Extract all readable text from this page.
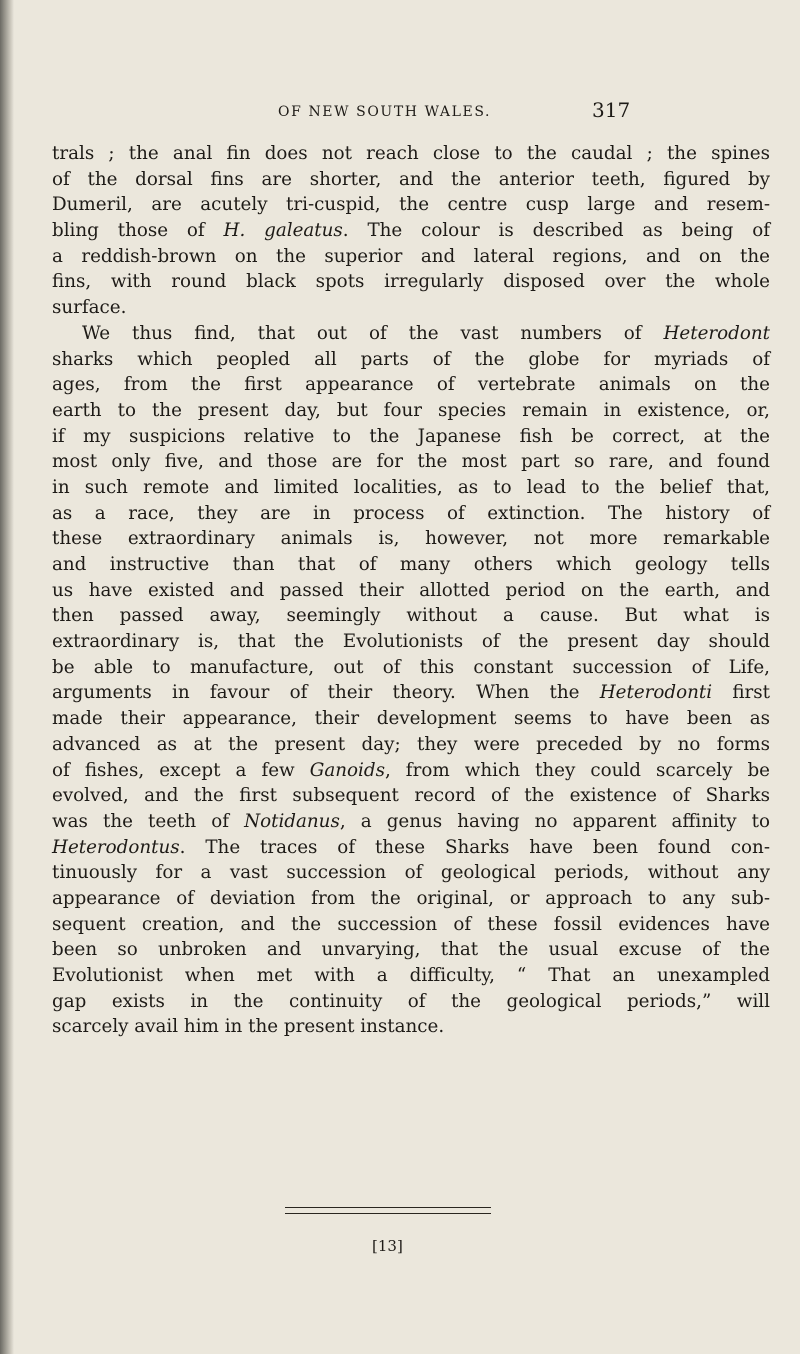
OF NEW SOUTH WALES.	317
trals ; the anal fin does not reach close to the caudal ; the spines
of the dorsal fins are shorter, and the anterior teeth, figured by
Dumeril, are acutely tri-cuspid, the centre cusp large and resem-
bling those of H. galeatus. The colour is described as being of
a reddish-brown on the superior and lateral regions, and on the
fins, with round black spots irregularly disposed over the whole
surface.
We thus find, that out of the vast numbers of Heterodont
sharks which peopled all parts of the globe for myriads of
ages, from the first appearance of vertebrate animals on the
earth to the present day, but four species remain in existence, or,
if my suspicions relative to the Japanese fish be correct, at the
most only five, and those are for the most part so rare, and found
in such remote and limited localities, as to lead to the belief that,
as a race, they are in process of extinction. The history of
these extraordinary animals is, however, not more remarkable
and instructive than that of many others which geology tells
us have existed and passed their allotted period on the earth, and
then passed away, seemingly without a cause. But what is
extraordinary is, that the Evolutionists of the present day should
be able to manufacture, out of this constant succession of Life,
arguments in favour of their theory. When the Heterodonti first
made their appearance, their development seems to have been as
advanced as at the present day; they were preceded by no forms
of fishes, except a few Ganoids, from which they could scarcely be
evolved, and the first subsequent record of the existence of Sharks
was the teeth of Notidanus, a genus having no apparent affinity to
Heterodontus. The traces of these Sharks have been found con-
tinuously for a vast succession of geological periods, without any
appearance of deviation from the original, or approach to any sub-
sequent creation, and the succession of these fossil evidences have
been so unbroken and unvarying, that the usual excuse of the
Evolutionist when met with a difficulty, “ That an unexampled
gap exists in the continuity of the geological periods,” will
scarcely avail him in the present instance.
[13]
